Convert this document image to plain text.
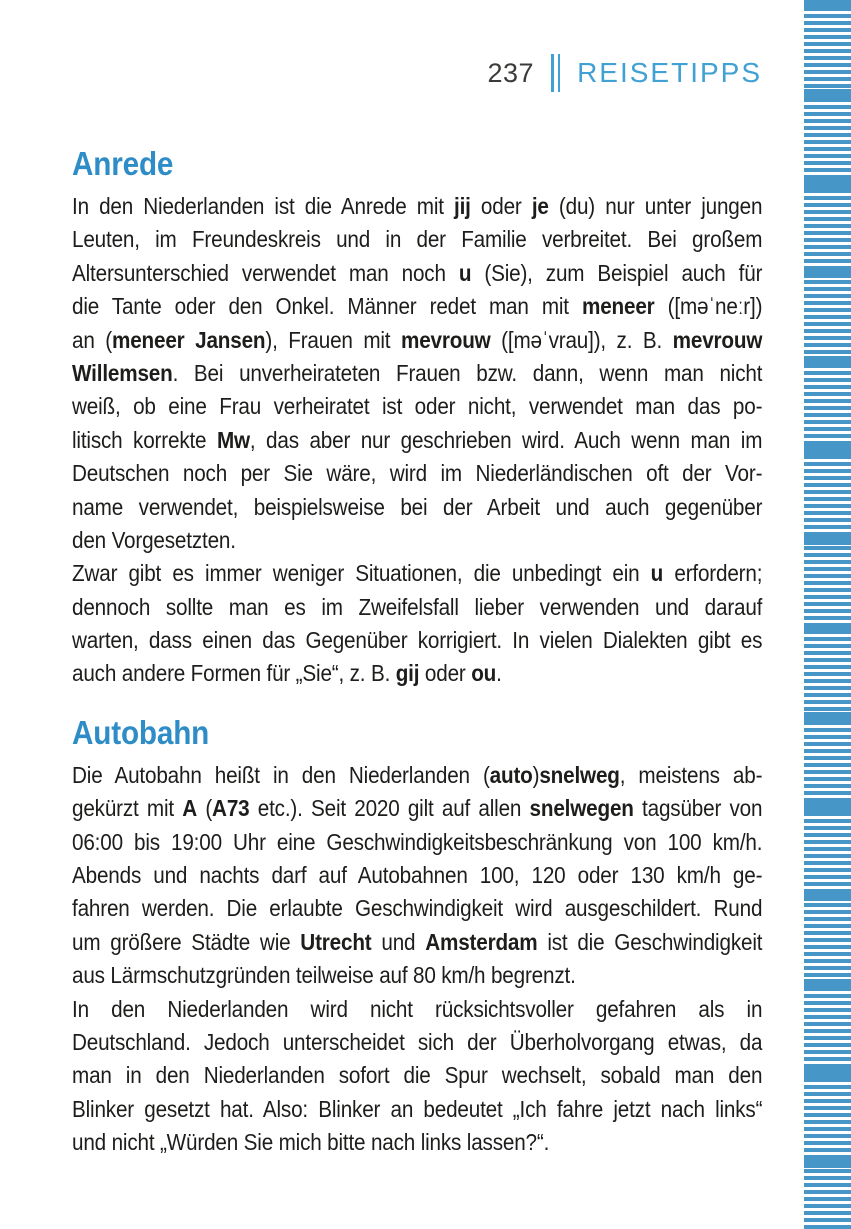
237 REISETIPPS
Anrede
In den Niederlanden ist die Anrede mit jij oder je (du) nur unter jungen
Leuten, im Freundeskreis und in der Familie verbreitet. Bei großem
Altersunterschied verwendet man noch u (Sie), zum Beispiel auch für
die Tante oder den Onkel. Männer redet man mit meneer ([məˈneːr])
an (meneer Jansen), Frauen mit mevrouw ([məˈvrau]), z. B. mevrouw
Willemsen. Bei unverheirateten Frauen bzw. dann, wenn man nicht
weiß, ob eine Frau verheiratet ist oder nicht, verwendet man das po-
litisch korrekte Mw, das aber nur geschrieben wird. Auch wenn man im
Deutschen noch per Sie wäre, wird im Niederländischen oft der Vor-
name verwendet, beispielsweise bei der Arbeit und auch gegenüber
den Vorgesetzten.
Zwar gibt es immer weniger Situationen, die unbedingt ein u erfordern;
dennoch sollte man es im Zweifelsfall lieber verwenden und darauf
warten, dass einen das Gegenüber korrigiert. In vielen Dialekten gibt es
auch andere Formen für „Sie“, z. B. gij oder ou.
Autobahn
Die Autobahn heißt in den Niederlanden (auto)snelweg, meistens ab-
gekürzt mit A (A73 etc.). Seit 2020 gilt auf allen snelwegen tagsüber von
06:00 bis 19:00 Uhr eine Geschwindigkeitsbeschränkung von 100 km/h.
Abends und nachts darf auf Autobahnen 100, 120 oder 130 km/h ge-
fahren werden. Die erlaubte Geschwindigkeit wird ausgeschildert. Rund
um größere Städte wie Utrecht und Amsterdam ist die Geschwindigkeit
aus Lärmschutzgründen teilweise auf 80 km/h begrenzt.
In den Niederlanden wird nicht rücksichtsvoller gefahren als in
Deutschland. Jedoch unterscheidet sich der Überholvorgang etwas, da
man in den Niederlanden sofort die Spur wechselt, sobald man den
Blinker gesetzt hat. Also: Blinker an bedeutet „Ich fahre jetzt nach links“
und nicht „Würden Sie mich bitte nach links lassen?“.
